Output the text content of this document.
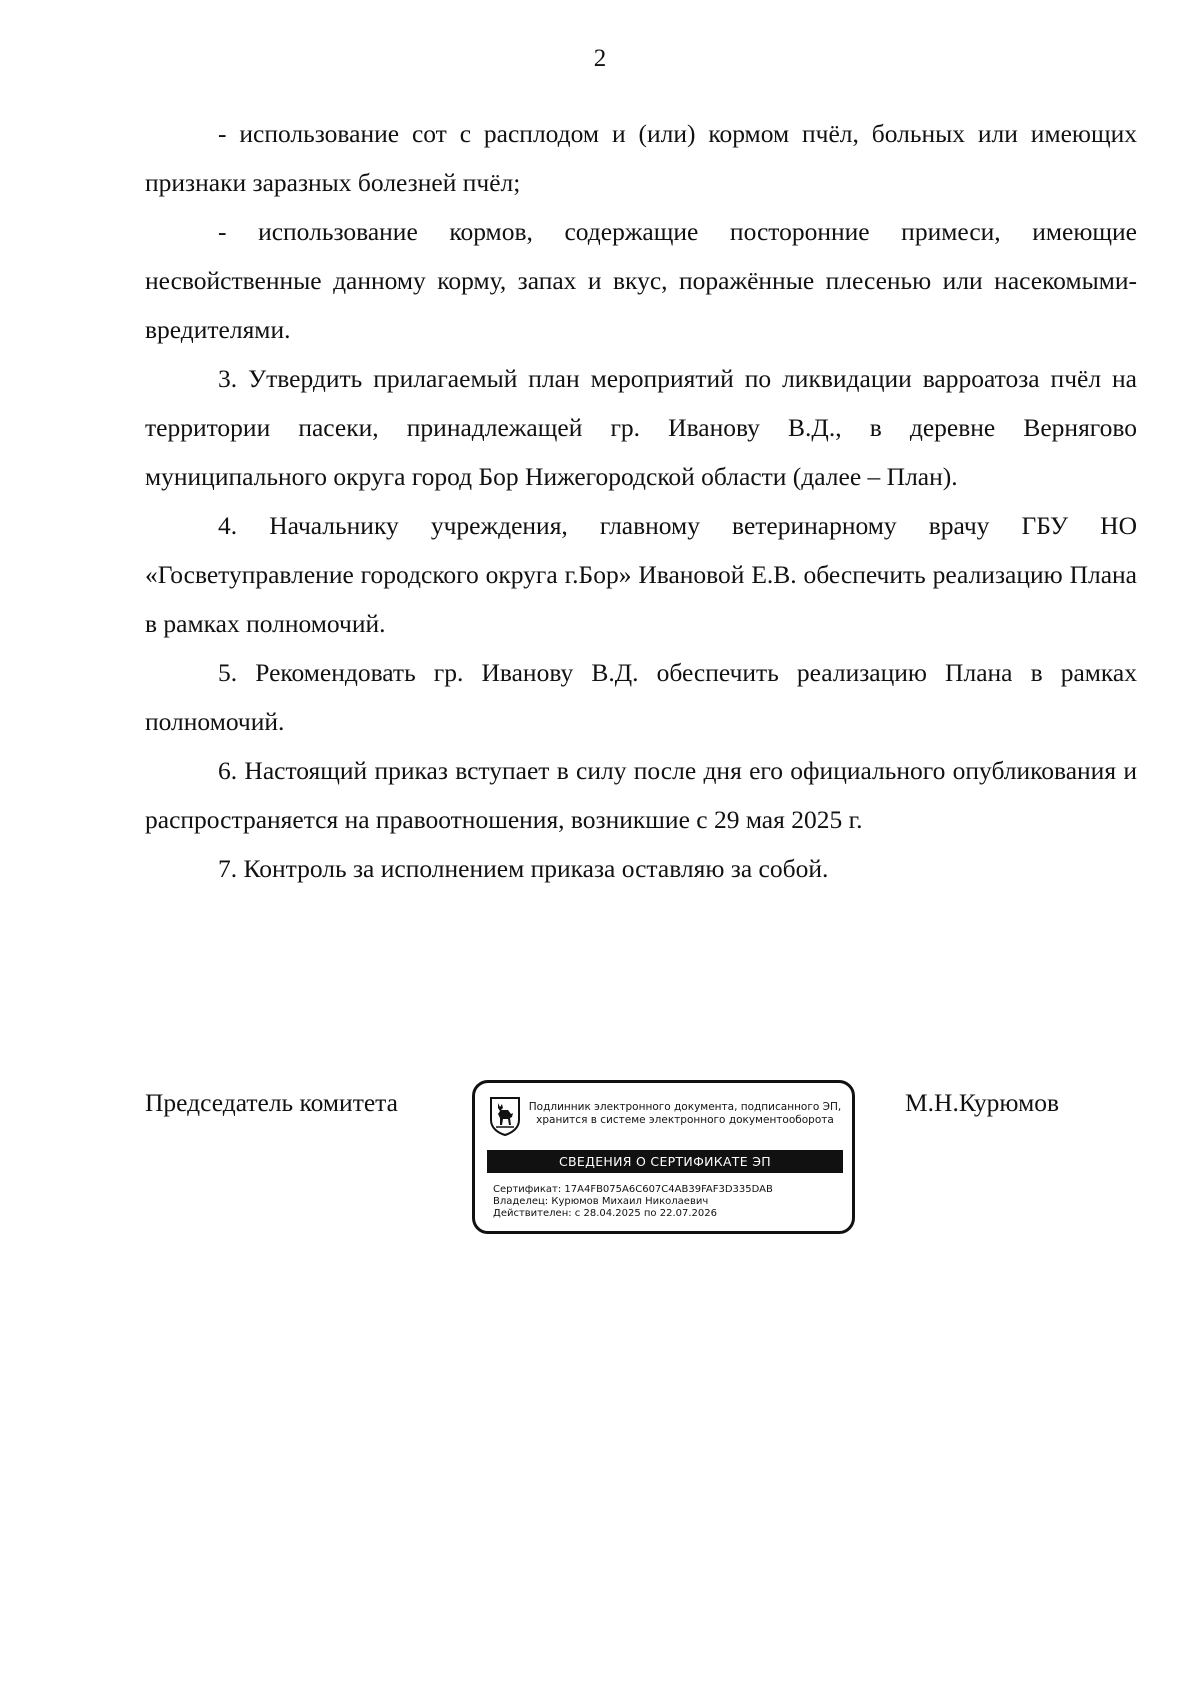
2

- использование сот с расплодом и (или) кормом пчёл, больных или имеющих признаки заразных болезней пчёл;

- использование кормов, содержащие посторонние примеси, имеющие несвойственные данному корму, запах и вкус, поражённые плесенью или насекомыми-вредителями.

3. Утвердить прилагаемый план мероприятий по ликвидации варроатоза пчёл на территории пасеки, принадлежащей гр. Иванову В.Д., в деревне Вернягово муниципального округа город Бор Нижегородской области (далее – План).

4. Начальнику учреждения, главному ветеринарному врачу ГБУ НО «Госветуправление городского округа г.Бор» Ивановой Е.В. обеспечить реализацию Плана в рамках полномочий.

5. Рекомендовать гр. Иванову В.Д. обеспечить реализацию Плана в рамках полномочий.

6. Настоящий приказ вступает в силу после дня его официального опубликования и распространяется на правоотношения, возникшие с 29 мая 2025 г.

7. Контроль за исполнением приказа оставляю за собой.

Председатель комитета	Подлинник электронного документа, подписанного ЭП,
хранится в системе электронного документооборота
СВЕДЕНИЯ О СЕРТИФИКАТЕ ЭП
Сертификат: 17A4FB075A6C607C4AB39FAF3D335DAB
Владелец: Курюмов Михаил Николаевич
Действителен: с 28.04.2025 по 22.07.2026
М.Н.Курюмов
